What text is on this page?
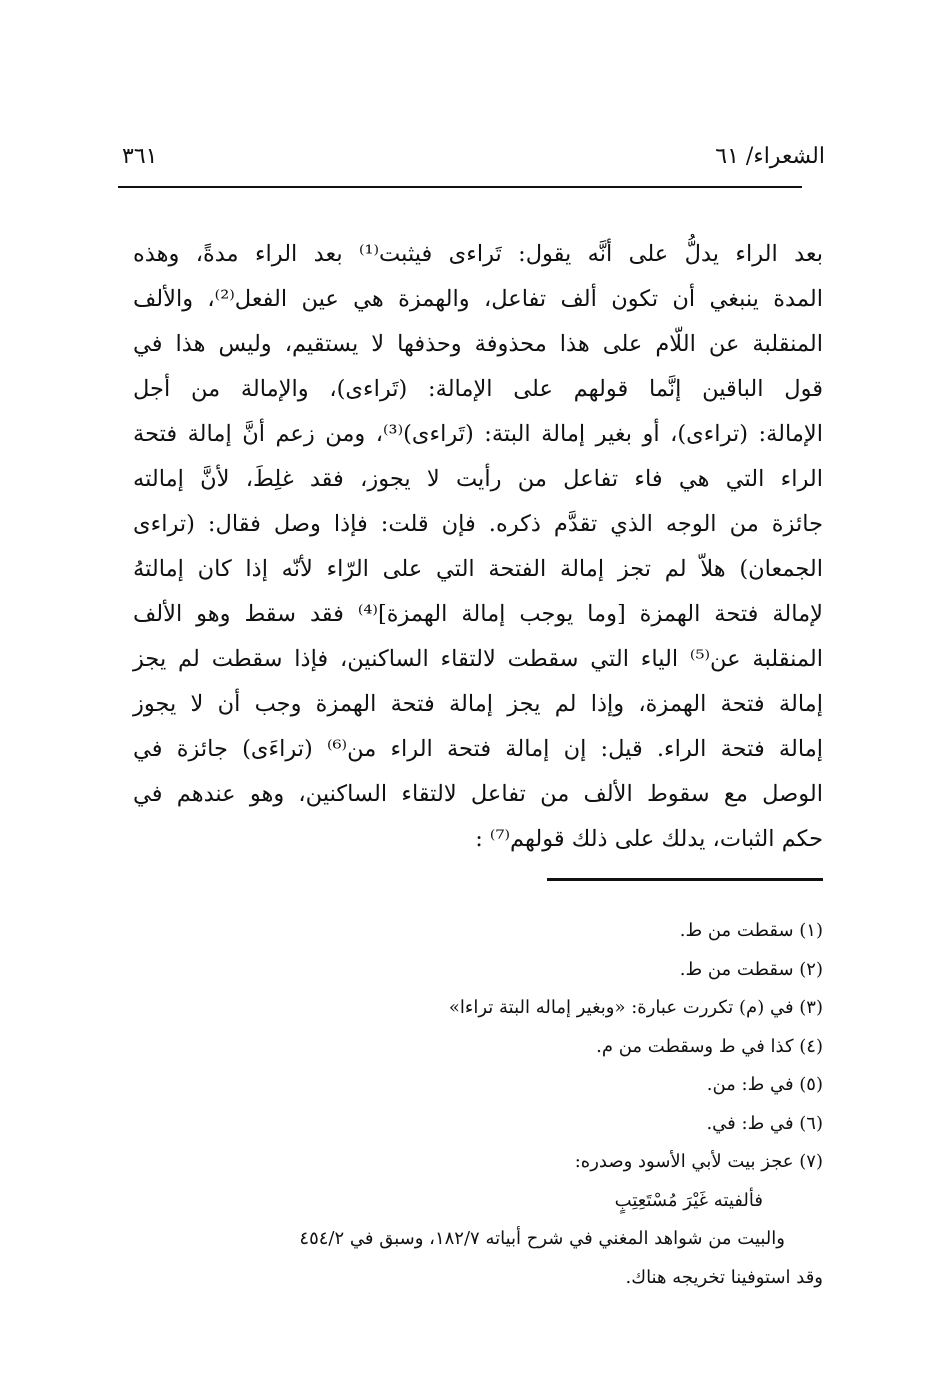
الشعراء/ ٦١
٣٦١
بعد الراء يدلُّ على أنَّه يقول: تَراءى فيثبت⁽¹⁾ بعد الراء مدةً، وهذه
المدة ينبغي أن تكون ألف تفاعل، والهمزة هي عين الفعل⁽²⁾، والألف
المنقلبة عن اللّام على هذا محذوفة وحذفها لا يستقيم، وليس هذا في
قول الباقين إنَّما قولهم على الإمالة: (تَراءى)، والإمالة من أجل
الإمالة: (تراءى)، أو بغير إمالة البتة: (تَراءى)⁽³⁾، ومن زعم أنَّ إمالة فتحة
الراء التي هي فاء تفاعل من رأيت لا يجوز، فقد غلِطَ، لأنَّ إمالته
جائزة من الوجه الذي تقدَّم ذكره. فإن قلت: فإذا وصل فقال: (تراءى
الجمعان) هلاّ لم تجز إمالة الفتحة التي على الرّاء لأنّه إذا كان إمالتهُ
لإمالة فتحة الهمزة [وما يوجب إمالة الهمزة]⁽⁴⁾ فقد سقط وهو الألف
المنقلبة عن⁽⁵⁾ الياء التي سقطت لالتقاء الساكنين، فإذا سقطت لم يجز
إمالة فتحة الهمزة، وإذا لم يجز إمالة فتحة الهمزة وجب أن لا يجوز
إمالة فتحة الراء. قيل: إن إمالة فتحة الراء من⁽⁶⁾ (تراءَى) جائزة في
الوصل مع سقوط الألف من تفاعل لالتقاء الساكنين، وهو عندهم في
حكم الثبات، يدلك على ذلك قولهم⁽⁷⁾ :
(١) سقطت من ط.
(٢) سقطت من ط.
(٣) في (م) تكررت عبارة: «وبغير إماله البتة تراءا»
(٤) كذا في ط وسقطت من م.
(٥) في ط: من.
(٦) في ط: في.
(٧) عجز بيت لأبي الأسود وصدره:
فألفيته غَيْرَ مُسْتَعِتِبٍ
والبيت من شواهد المغني في شرح أبياته ١٨٢/٧، وسبق في ٤٥٤/٢
وقد استوفينا تخريجه هناك.
